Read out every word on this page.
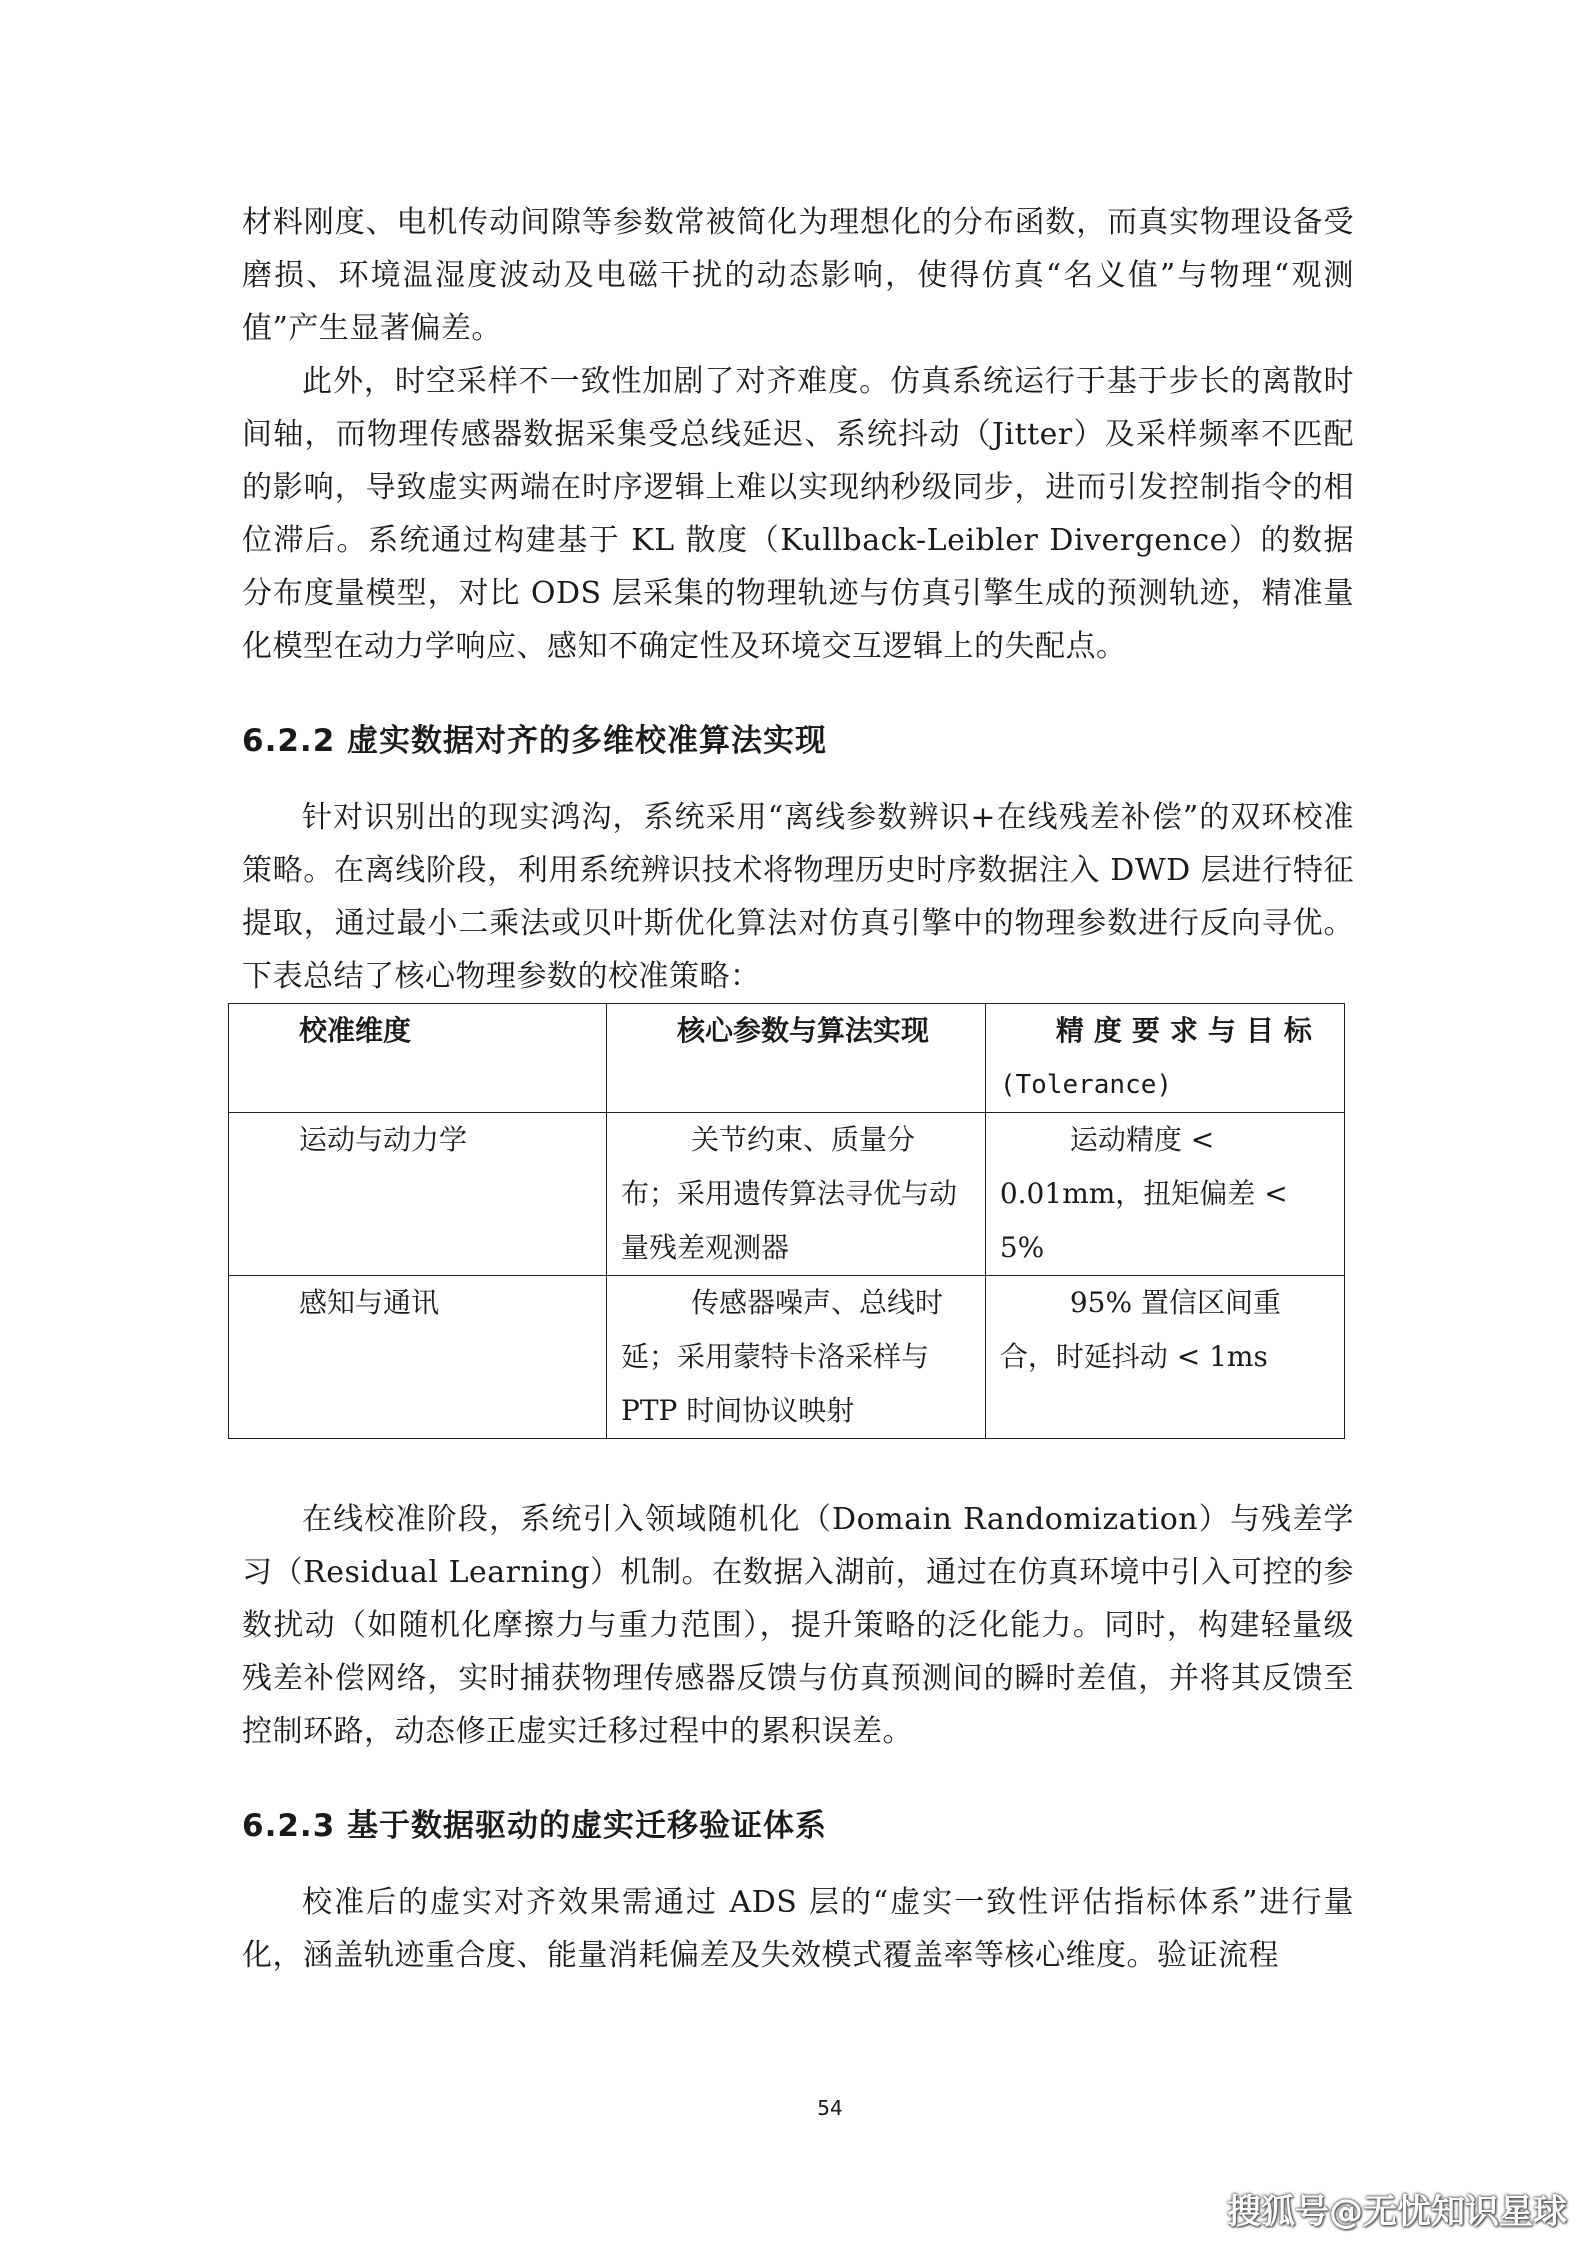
材料刚度、电机传动间隙等参数常被简化为理想化的分布函数，而真实物理设备受磨损、环境温湿度波动及电磁干扰的动态影响，使得仿真“名义值”与物理“观测值”产生显著偏差。

此外，时空采样不一致性加剧了对齐难度。仿真系统运行于基于步长的离散时间轴，而物理传感器数据采集受总线延迟、系统抖动（Jitter）及采样频率不匹配的影响，导致虚实两端在时序逻辑上难以实现纳秒级同步，进而引发控制指令的相位滞后。系统通过构建基于 KL 散度（Kullback-Leibler Divergence）的数据分布度量模型，对比 ODS 层采集的物理轨迹与仿真引擎生成的预测轨迹，精准量化模型在动力学响应、感知不确定性及环境交互逻辑上的失配点。

6.2.2 虚实数据对齐的多维校准算法实现

针对识别出的现实鸿沟，系统采用“离线参数辨识+在线残差补偿”的双环校准策略。在离线阶段，利用系统辨识技术将物理历史时序数据注入 DWD 层进行特征提取，通过最小二乘法或贝叶斯优化算法对仿真引擎中的物理参数进行反向寻优。下表总结了核心物理参数的校准策略：

校准维度	核心参数与算法实现	精度要求与目标
(Tolerance)

运动与动力学	关节约束、质量分布；采用遗传算法寻优与动量残差观测器	运动精度 < 0.01mm，扭矩偏差 < 5%
感知与通讯	传感器噪声、总线时延；采用蒙特卡洛采样与 PTP 时间协议映射	95% 置信区间重合，时延抖动 < 1ms

在线校准阶段，系统引入领域随机化（Domain Randomization）与残差学习（Residual Learning）机制。在数据入湖前，通过在仿真环境中引入可控的参数扰动（如随机化摩擦力与重力范围），提升策略的泛化能力。同时，构建轻量级残差补偿网络，实时捕获物理传感器反馈与仿真预测间的瞬时差值，并将其反馈至控制环路，动态修正虚实迁移过程中的累积误差。

6.2.3 基于数据驱动的虚实迁移验证体系

校准后的虚实对齐效果需通过 ADS 层的“虚实一致性评估指标体系”进行量化，涵盖轨迹重合度、能量消耗偏差及失效模式覆盖率等核心维度。验证流程

54
搜狐号@无忧知识星球
